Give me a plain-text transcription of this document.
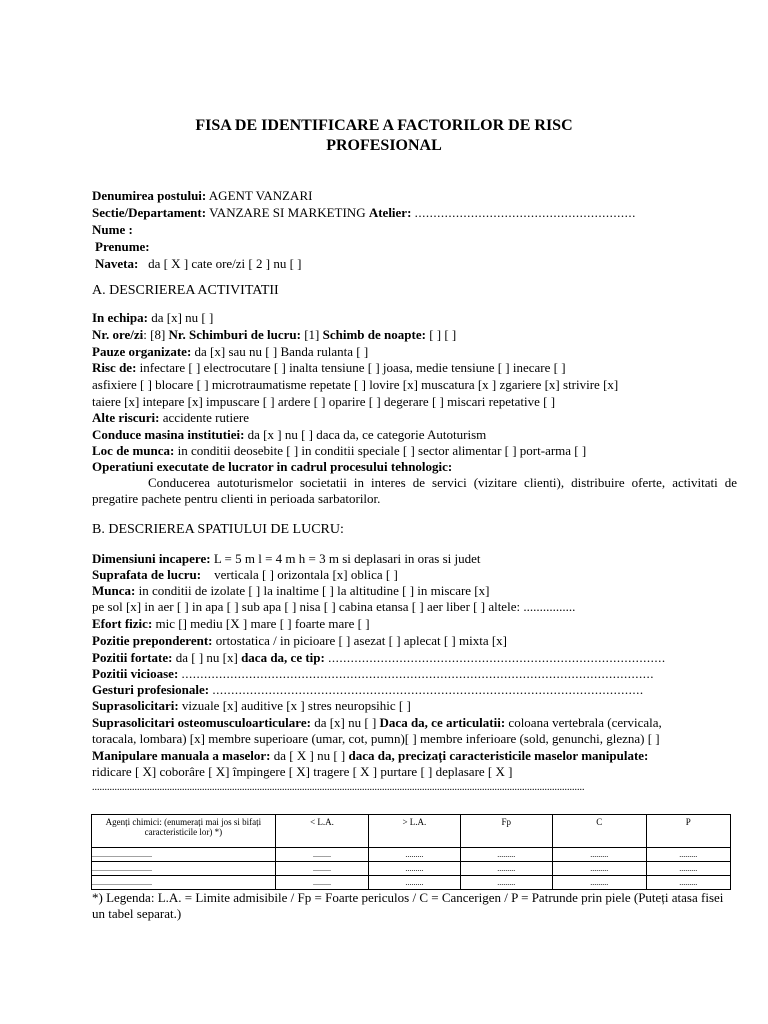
FISA DE IDENTIFICARE A FACTORILOR DE RISC
PROFESIONAL
Denumirea postului: AGENT VANZARI
Sectie/Departament: VANZARE SI MARKETING Atelier: ...........................................................
Nume :
Prenume:
Naveta: da [ X ] cate ore/zi [ 2 ] nu [ ]
A. DESCRIEREA ACTIVITATII
In echipa: da [x] nu [ ]
Nr. ore/zi: [8] Nr. Schimburi de lucru: [1] Schimb de noapte: [ ] [ ]
Pauze organizate: da [x] sau nu [ ] Banda rulanta [ ]
Risc de: infectare [ ] electrocutare [ ] inalta tensiune [ ] joasa, medie tensiune [ ] inecare [ ]
asfixiere [ ] blocare [ ] microtraumatisme repetate [ ] lovire [x] muscatura [x ] zgariere [x] strivire [x]
taiere [x] intepare [x] impuscare [ ] ardere [ ] oparire [ ] degerare [ ] miscari repetative [ ]
Alte riscuri: accidente rutiere
Conduce masina institutiei: da [x ] nu [ ] daca da, ce categorie Autoturism
Loc de munca: in conditii deosebite [ ] in conditii speciale [ ] sector alimentar [ ] port-arma [ ]
Operatiuni executate de lucrator in cadrul procesului tehnologic:
Conducerea autoturismelor societatii in interes de servici (vizitare clienti), distribuire oferte, activitati de pregatire pachete pentru clienti in perioada sarbatorilor.
B. DESCRIEREA SPATIULUI DE LUCRU:
Dimensiuni incapere: L = 5 m l = 4 m h = 3 m si deplasari in oras si judet
Suprafata de lucru: verticala [ ] orizontala [x] oblica [ ]
Munca: in conditii de izolate [ ] la inaltime [ ] la altitudine [ ] in miscare [x]
pe sol [x] in aer [ ] in apa [ ] sub apa [ ] nisa [ ] cabina etansa [ ] aer liber [ ] altele: ................
Efort fizic: mic [] mediu [X ] mare [ ] foarte mare [ ]
Pozitie preponderent: ortostatica / in picioare [ ] asezat [ ] aplecat [ ] mixta [x]
Pozitii fortate: da [ ] nu [x] daca da, ce tip: ..........................................................................................
Pozitii vicioase: ..............................................................................................................................
Gesturi profesionale: ...................................................................................................................
Suprasolicitari: vizuale [x] auditive [x ] stres neuropsihic [ ]
Suprasolicitari osteomusculoarticulare: da [x] nu [ ] Daca da, ce articulatii: coloana vertebrala (cervicala,
toracala, lombara) [x] membre superioare (umar, cot, pumn)[ ] membre inferioare (sold, genunchi, glezna) [ ]
Manipulare manuala a maselor: da [ X ] nu [ ] daca da, precizați caracteristicile maselor manipulate:
ridicare [ X] coborâre [ X] împingere [ X] tragere [ X ] purtare [ ] deplasare [ X ]
.....................................................................................................................................................................................................
Agenți chimici: (enumerați mai jos si bifați caracteristicile lor) *)	< L.A.	> L.A.	Fp	C	P
..............................	.........	.........	.........	.........	.........
..............................	.........	.........	.........	.........	.........
..............................	.........	.........	.........	.........	.........
*) Legenda: L.A. = Limite admisibile / Fp = Foarte periculos / C = Cancerigen / P = Patrunde prin piele (Puteți atasa fisei un tabel separat.)
